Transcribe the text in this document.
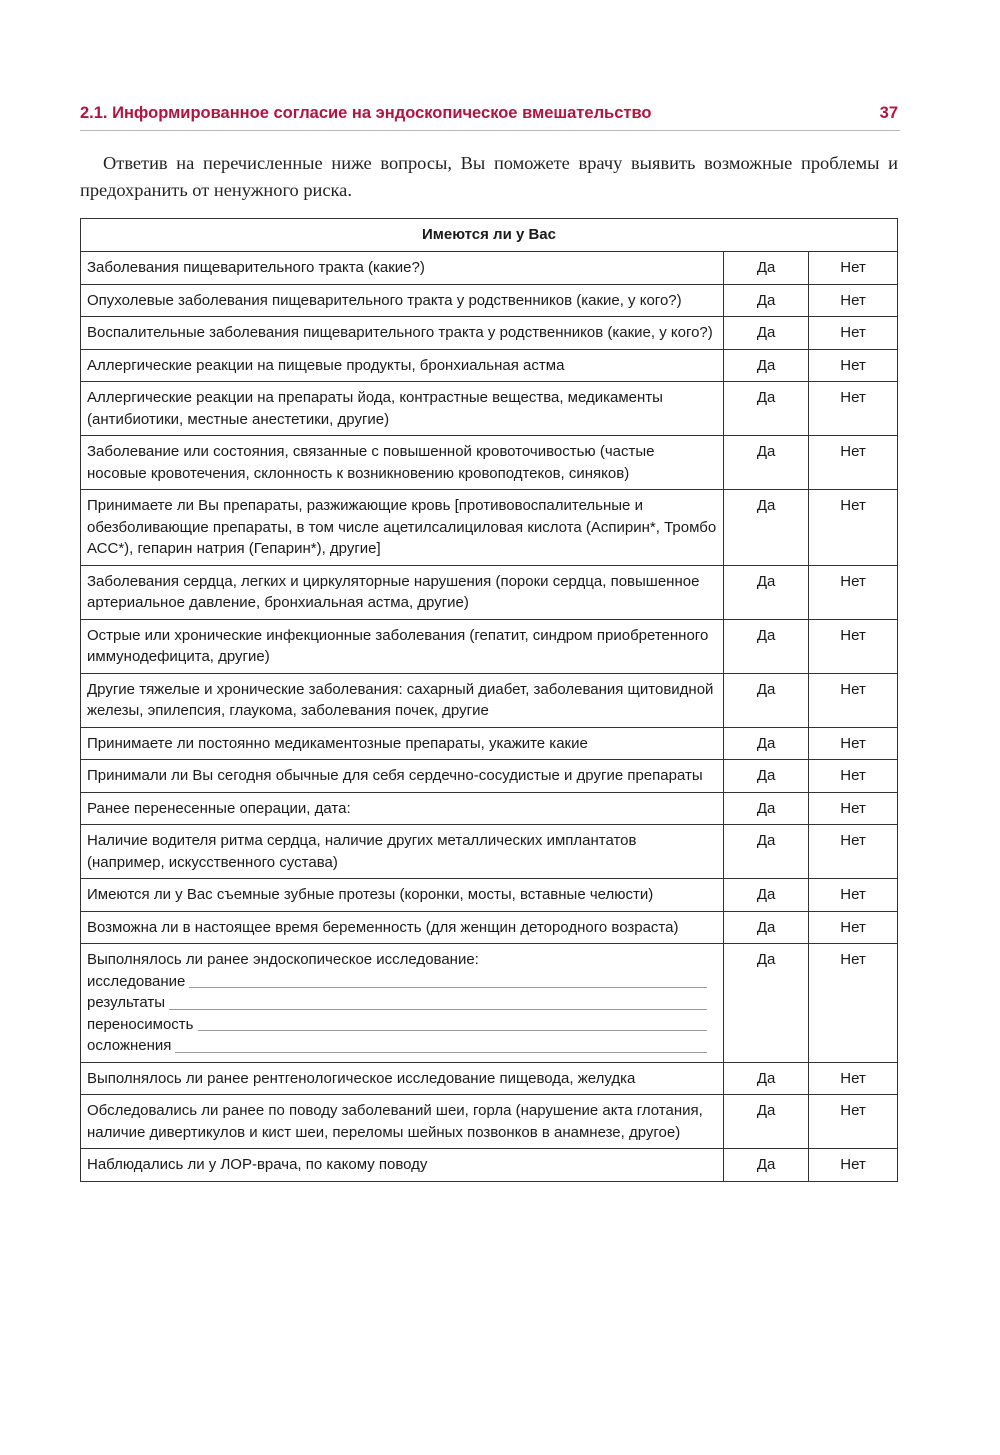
2.1. Информированное согласие на эндоскопическое вмешательство	37

Ответив на перечисленные ниже вопросы, Вы поможете врачу выявить возможные проблемы и предохранить от ненужного риска.

Имеются ли у Вас		

Заболевания пищеварительного тракта (какие?)	Да	Нет

Опухолевые заболевания пищеварительного тракта у родственников (какие, у кого?)	Да	Нет

Воспалительные заболевания пищеварительного тракта у родственников (какие, у кого?)	Да	Нет

Аллергические реакции на пищевые продукты, бронхиальная астма	Да	Нет

Аллергические реакции на препараты йода, контрастные вещества, медикаменты (антибиотики, местные анестетики, другие)	Да	Нет

Заболевание или состояния, связанные с повышенной кровоточивостью (частые носовые кровотечения, склонность к возникновению кровоподтеков, синяков)	Да	Нет

Принимаете ли Вы препараты, разжижающие кровь [противовоспалительные и обезболивающие препараты, в том числе ацетилсалициловая кислота (Аспирин*, Тромбо АСС*), гепарин натрия (Гепарин*), другие]	Да	Нет

Заболевания сердца, легких и циркуляторные нарушения (пороки сердца, повышенное артериальное давление, бронхиальная астма, другие)	Да	Нет

Острые или хронические инфекционные заболевания (гепатит, синдром приобретенного иммунодефицита, другие)	Да	Нет

Другие тяжелые и хронические заболевания: сахарный диабет, заболевания щитовидной железы, эпилепсия, глаукома, заболевания почек, другие	Да	Нет

Принимаете ли постоянно медикаментозные препараты, укажите какие	Да	Нет

Принимали ли Вы сегодня обычные для себя сердечно-сосудистые и другие препараты	Да	Нет

Ранее перенесенные операции, дата:	Да	Нет

Наличие водителя ритма сердца, наличие других металлических имплантатов (например, искусственного сустава)	Да	Нет

Имеются ли у Вас съемные зубные протезы (коронки, мосты, вставные челюсти)	Да	Нет

Возможна ли в настоящее время беременность (для женщин детородного возраста)	Да	Нет

Выполнялось ли ранее эндоскопическое исследование:
исследование
результаты
переносимость
осложнения	Да	Нет

Выполнялось ли ранее рентгенологическое исследование пищевода, желудка	Да	Нет

Обследовались ли ранее по поводу заболеваний шеи, горла (нарушение акта глотания, наличие дивертикулов и кист шеи, переломы шейных позвонков в анамнезе, другое)	Да	Нет

Наблюдались ли у ЛОР-врача, по какому поводу	Да	Нет
